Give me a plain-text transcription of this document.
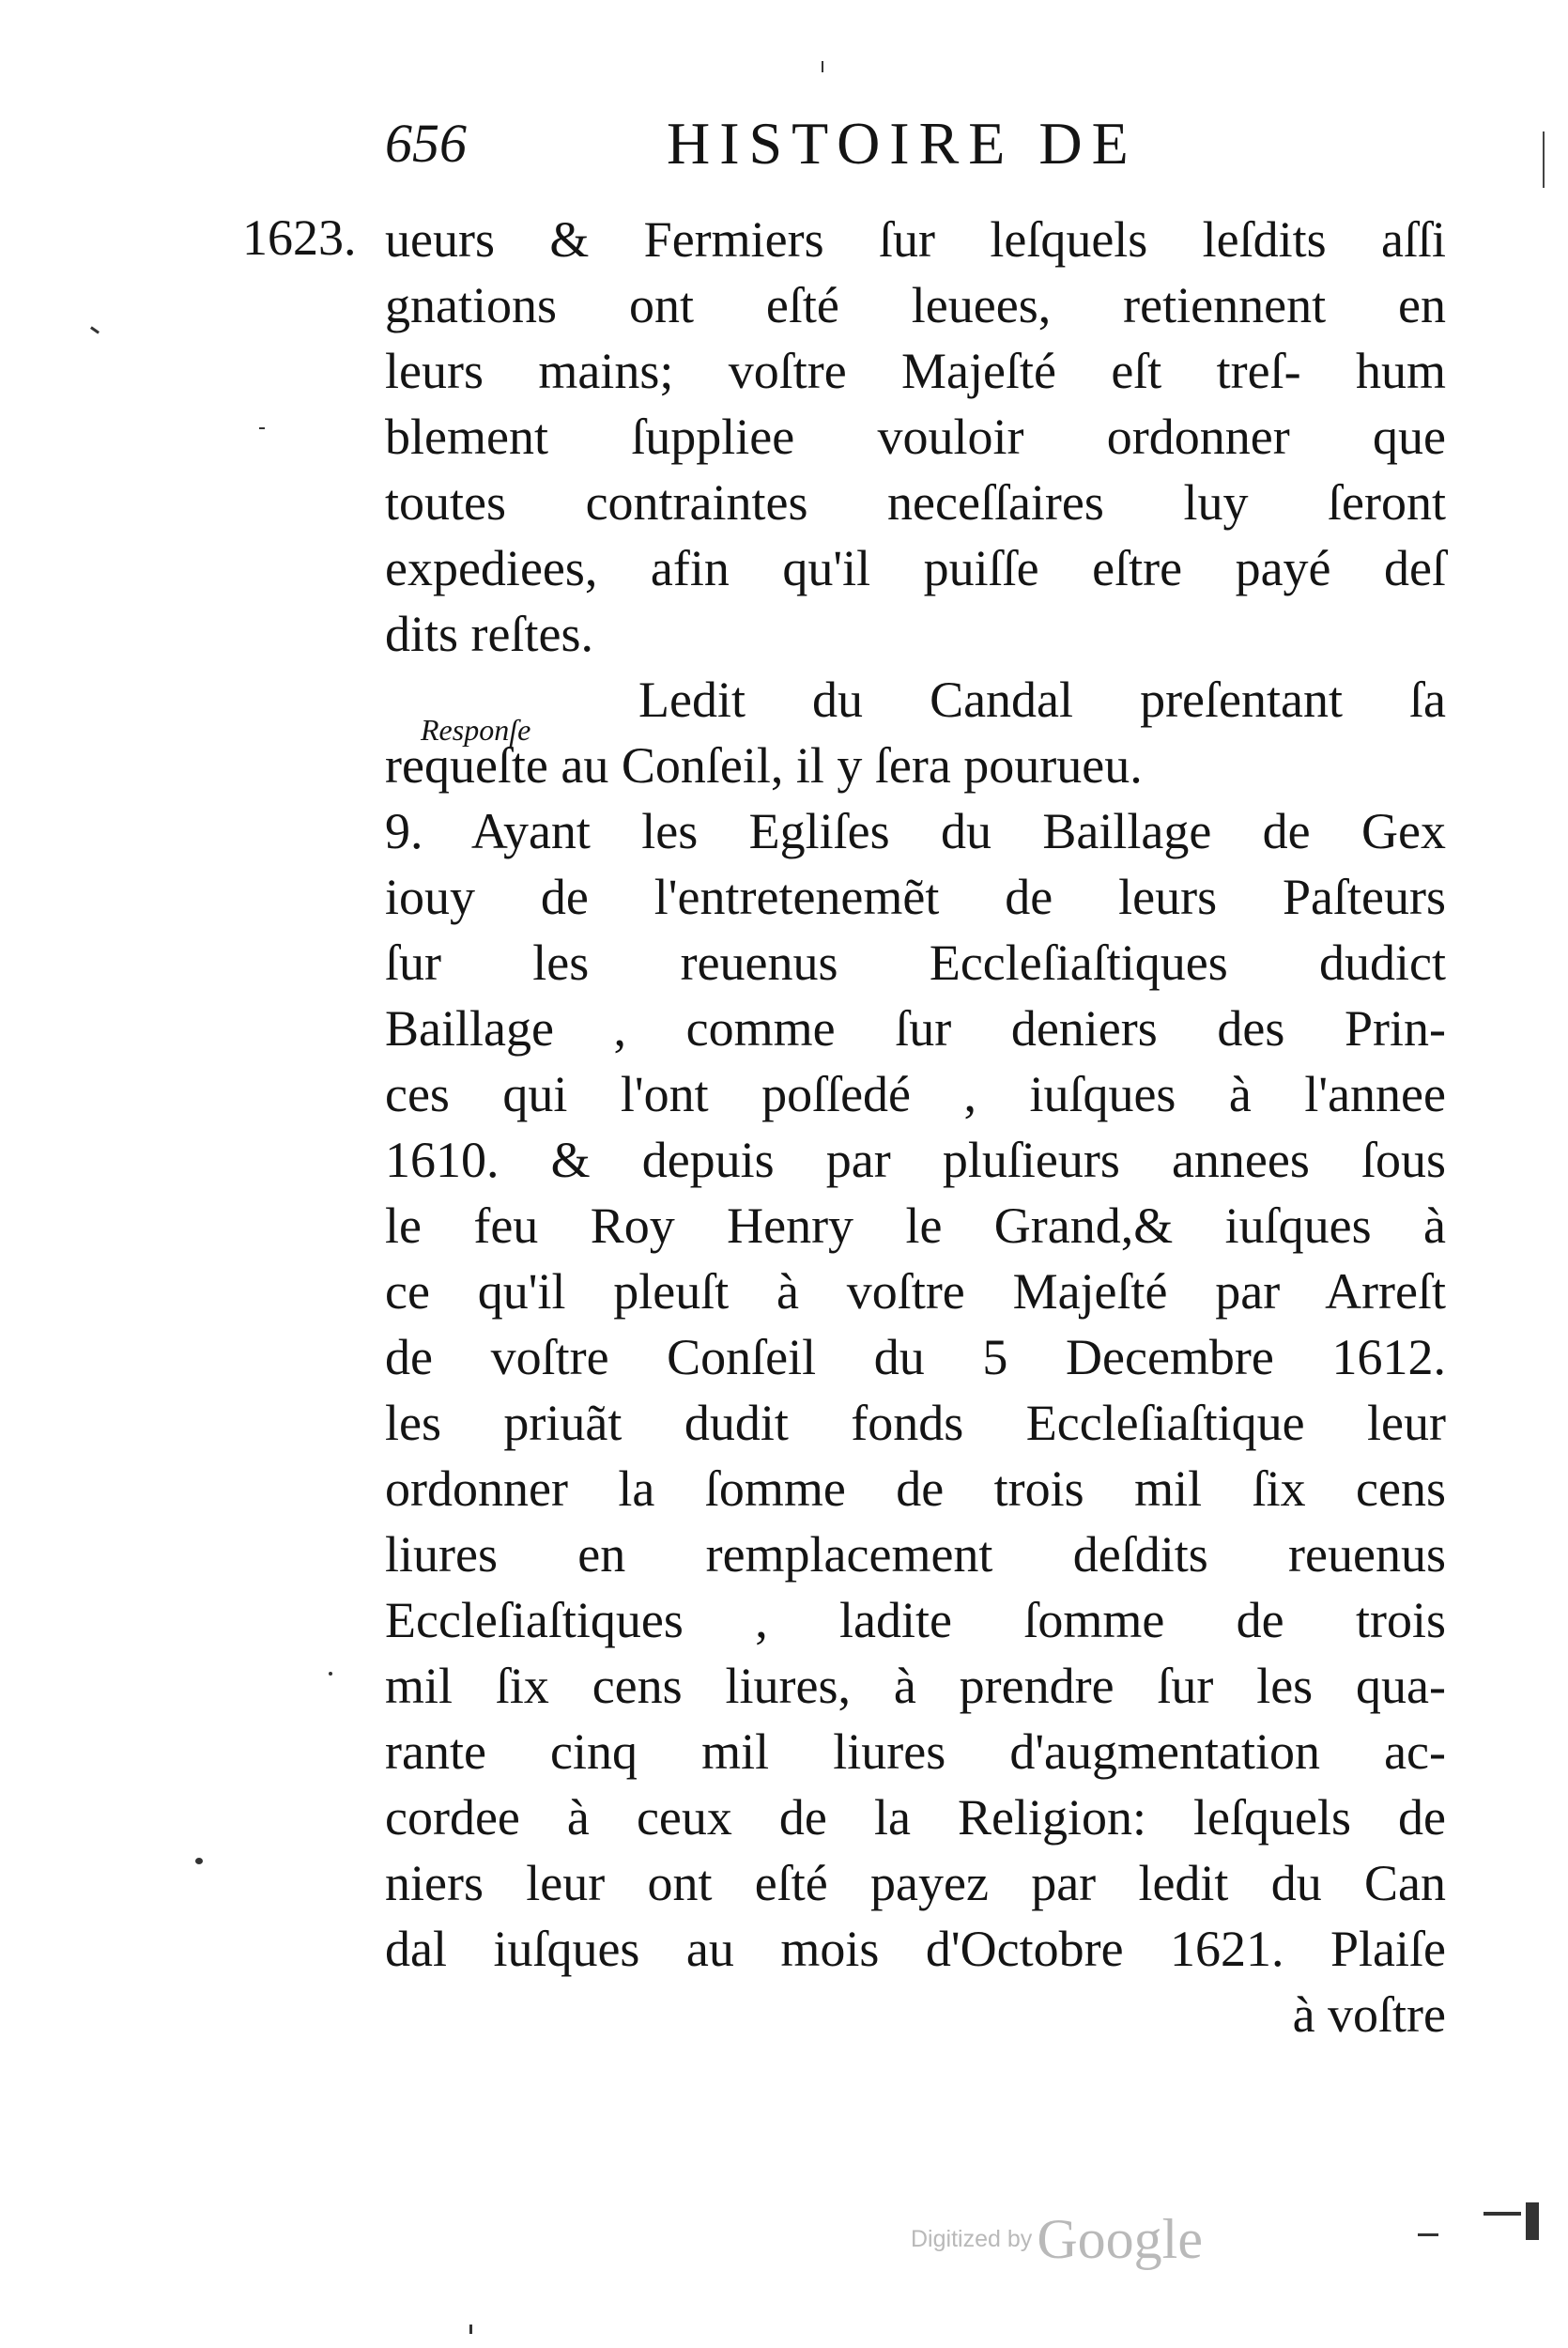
656	HISTOIRE DE
1623.
Responſe
ueurs & Fermiers ſur leſquels leſdits aſſi
gnations ont eſté leuees, retiennent en
leurs mains; voſtre Majeſté eſt treſ- hum
blement ſuppliee vouloir ordonner que
toutes contraintes neceſſaires luy ſeront
expediees, afin qu'il puiſſe eſtre payé deſ
dits reſtes.
Ledit du Candal preſentant ſa
requeſte au Conſeil, il y ſera pourueu.
9. Ayant les Egliſes du Baillage de Gex
iouy de l'entretenemẽt de leurs Paſteurs
ſur les reuenus Eccleſiaſtiques dudict
Baillage , comme ſur deniers des Prin-
ces qui l'ont poſſedé , iuſques à l'annee
1610. & depuis par pluſieurs annees ſous
le feu Roy Henry le Grand,& iuſques à
ce qu'il pleuſt à voſtre Majeſté par Arreſt
de voſtre Conſeil du 5 Decembre 1612.
les priuãt dudit fonds Eccleſiaſtique leur
ordonner la ſomme de trois mil ſix cens
liures en remplacement deſdits reuenus
Eccleſiaſtiques , ladite ſomme de trois
mil ſix cens liures, à prendre ſur les qua-
rante cinq mil liures d'augmentation ac-
cordee à ceux de la Religion: leſquels de
niers leur ont eſté payez par ledit du Can
dal iuſques au mois d'Octobre 1621. Plaiſe
à voſtre
Digitized by Google
